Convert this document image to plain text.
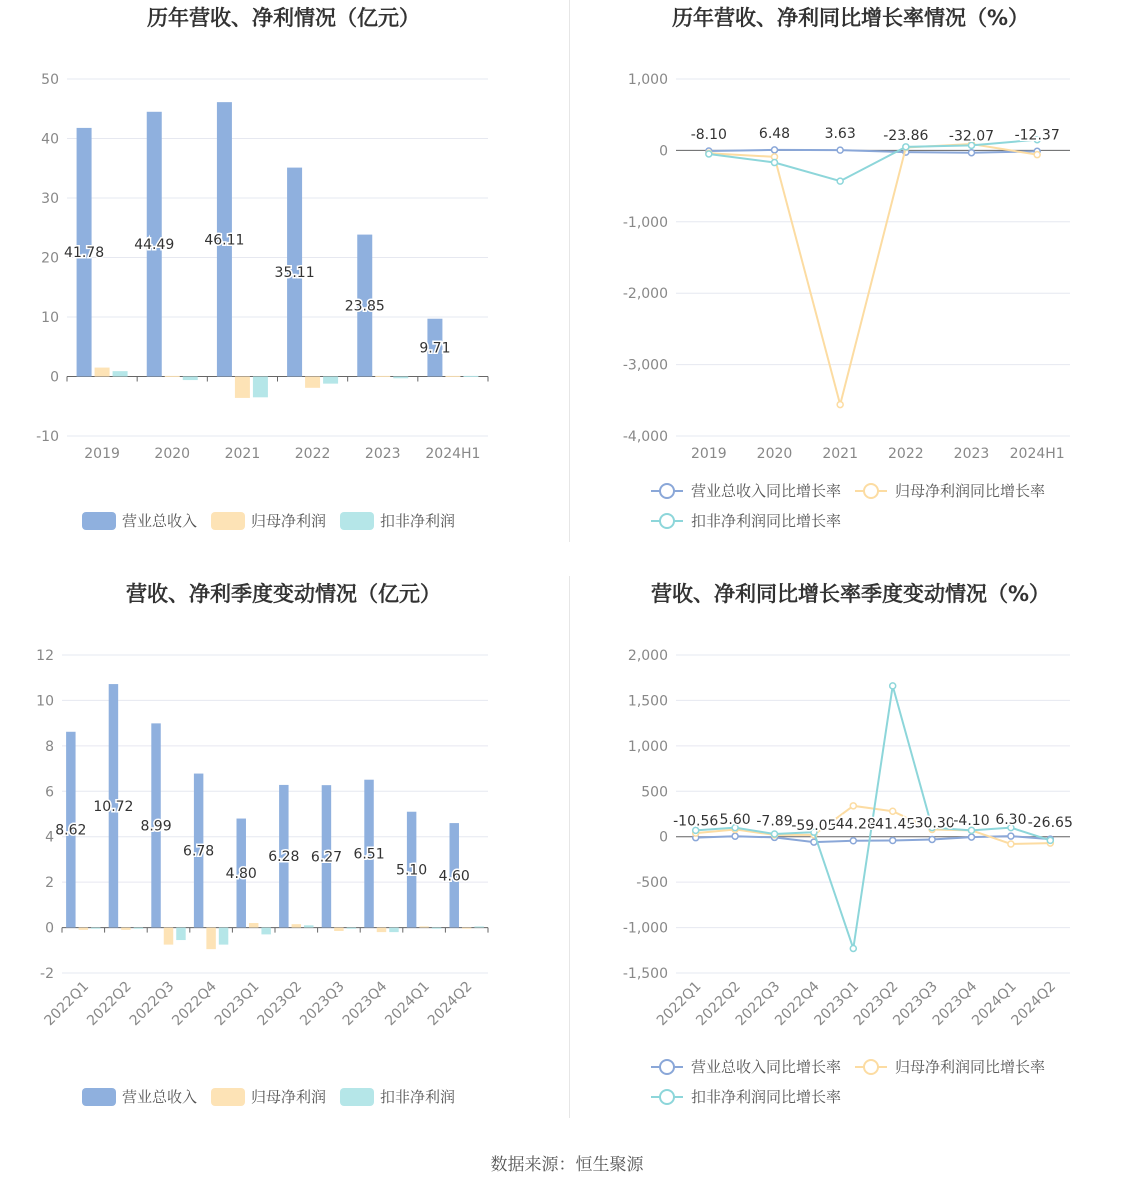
历年营收、净利情况（亿元）
50
40
30
20
10
0
-10
2019 2020 2021 2022 2023 2024H1
41.78
44.49 46.11
35.11
23.85
9.71
营业总收入	归母净利润	扣非净利润
历年营收、净利同比增长率情况（%）
1,000
0
-1,000
-2,000
-3,000
-4,000
2019 2020 2021 2022 2023 2024H1
-8.10 6.48 3.63 -23.86 -32.07 -12.37
营业总收入同比增长率	归母净利润同比增长率
扣非净利润同比增长率
营收、净利季度变动情况（亿元）
12
10
8
6
4
2
0
-2
2022Q1
2022Q2
2022Q3
2022Q4
2023Q1
2023Q2
2023Q3
2023Q4
2024Q1
2024Q2
8.62
10.72
8.99
6.78
4.80
6.28 6.27 6.51
5.10 4.60
营业总收入	归母净利润	扣非净利润
营收、净利同比增长率季度变动情况（%）
2,000
1,500
1,000
500
0
-500
-1,000
-1,500
2022Q1
2022Q2
2022Q3
2022Q4
2023Q1
2023Q2
2023Q3
2023Q4
2024Q1
2024Q2
-10.56 5.60 -7.89
-59.05
-44.28
-41.45
-30.30
-4.10 6.30 -26.65
营业总收入同比增长率	归母净利润同比增长率
扣非净利润同比增长率
数据来源：恒生聚源
